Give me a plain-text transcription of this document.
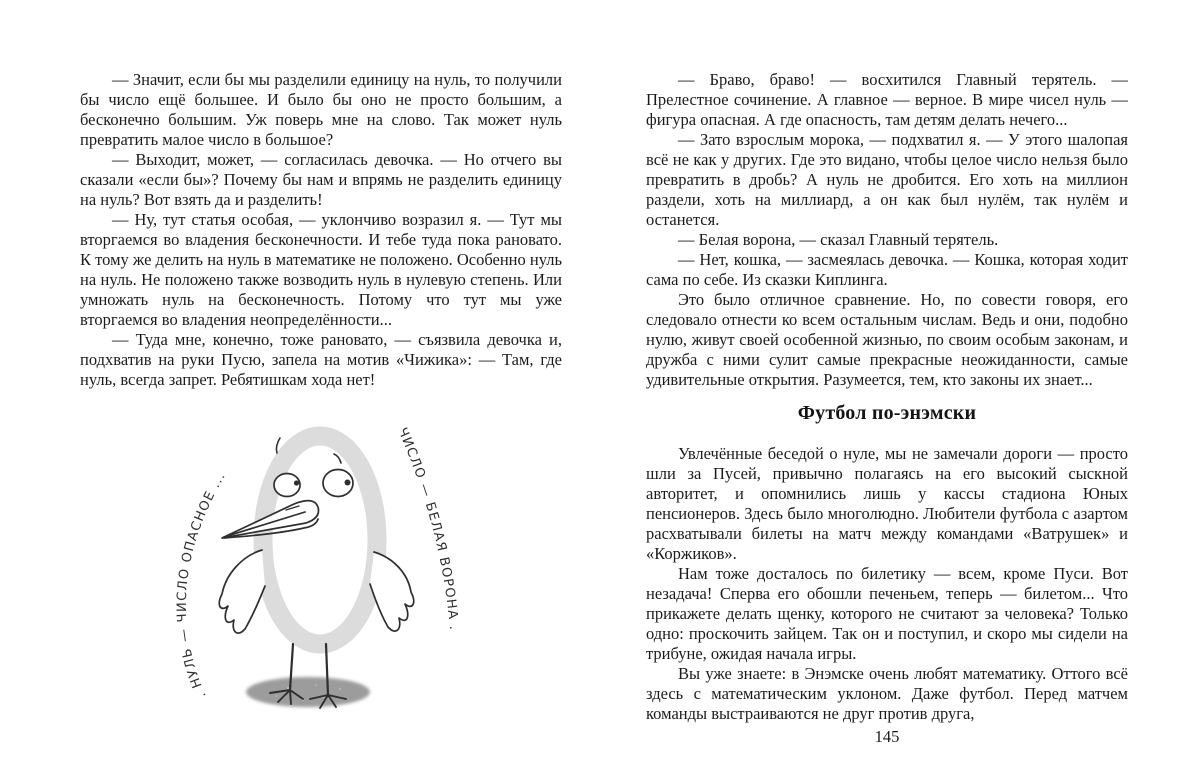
— Значит, если бы мы разделили единицу на нуль, то получили бы число ещё большее. И было бы оно не просто большим, а бесконечно большим. Уж поверь мне на слово. Так может нуль превратить малое число в большое?

— Выходит, может, — согласилась девочка. — Но отчего вы сказали «если бы»? Почему бы нам и впрямь не разделить единицу на нуль? Вот взять да и разделить!

— Ну, тут статья особая, — уклончиво возразил я. — Тут мы вторгаемся во владения бесконечности. И тебе туда пока рановато. К тому же делить на нуль в математике не положено. Особенно нуль на нуль. Не положено также возводить нуль в нулевую степень. Или умножать нуль на бесконечность. Потому что тут мы уже вторгаемся во владения неопределённости...

— Туда мне, конечно, тоже рановато, — съязвила девочка и, подхватив на руки Пусю, запела на мотив «Чижика»: — Там, где нуль, всегда запрет. Ребятишкам хода нет!

. НУЛЬ — ЧИСЛО ОПАСНОЕ ...
ЧИСЛО — БЕЛАЯ ВОРОНА .

— Браво, браво! — восхитился Главный терятель. — Прелестное сочинение. А главное — верное. В мире чисел нуль — фигура опасная. А где опасность, там детям делать нечего...

— Зато взрослым морока, — подхватил я. — У этого шалопая всё не как у других. Где это видано, чтобы целое число нельзя было превратить в дробь? А нуль не дробится. Его хоть на миллион раздели, хоть на миллиард, а он как был нулём, так нулём и останется.

— Белая ворона, — сказал Главный терятель.

— Нет, кошка, — засмеялась девочка. — Кошка, которая ходит сама по себе. Из сказки Киплинга.

Это было отличное сравнение. Но, по совести говоря, его следовало отнести ко всем остальным числам. Ведь и они, подобно нулю, живут своей особенной жизнью, по своим особым законам, и дружба с ними сулит самые прекрасные неожиданности, самые удивительные открытия. Разумеется, тем, кто законы их знает...

Футбол по-энэмски

Увлечённые беседой о нуле, мы не замечали дороги — просто шли за Пусей, привычно полагаясь на его высокий сыскной авторитет, и опомнились лишь у кассы стадиона Юных пенсионеров. Здесь было многолюдно. Любители футбола с азартом расхватывали билеты на матч между командами «Ватрушек» и «Коржиков».

Нам тоже досталось по билетику — всем, кроме Пуси. Вот незадача! Сперва его обошли печеньем, теперь — билетом... Что прикажете делать щенку, которого не считают за человека? Только одно: проскочить зайцем. Так он и поступил, и скоро мы сидели на трибуне, ожидая начала игры.

Вы уже знаете: в Энэмске очень любят математику. Оттого всё здесь с математическим уклоном. Даже футбол. Перед матчем команды выстраиваются не друг против друга,

145
